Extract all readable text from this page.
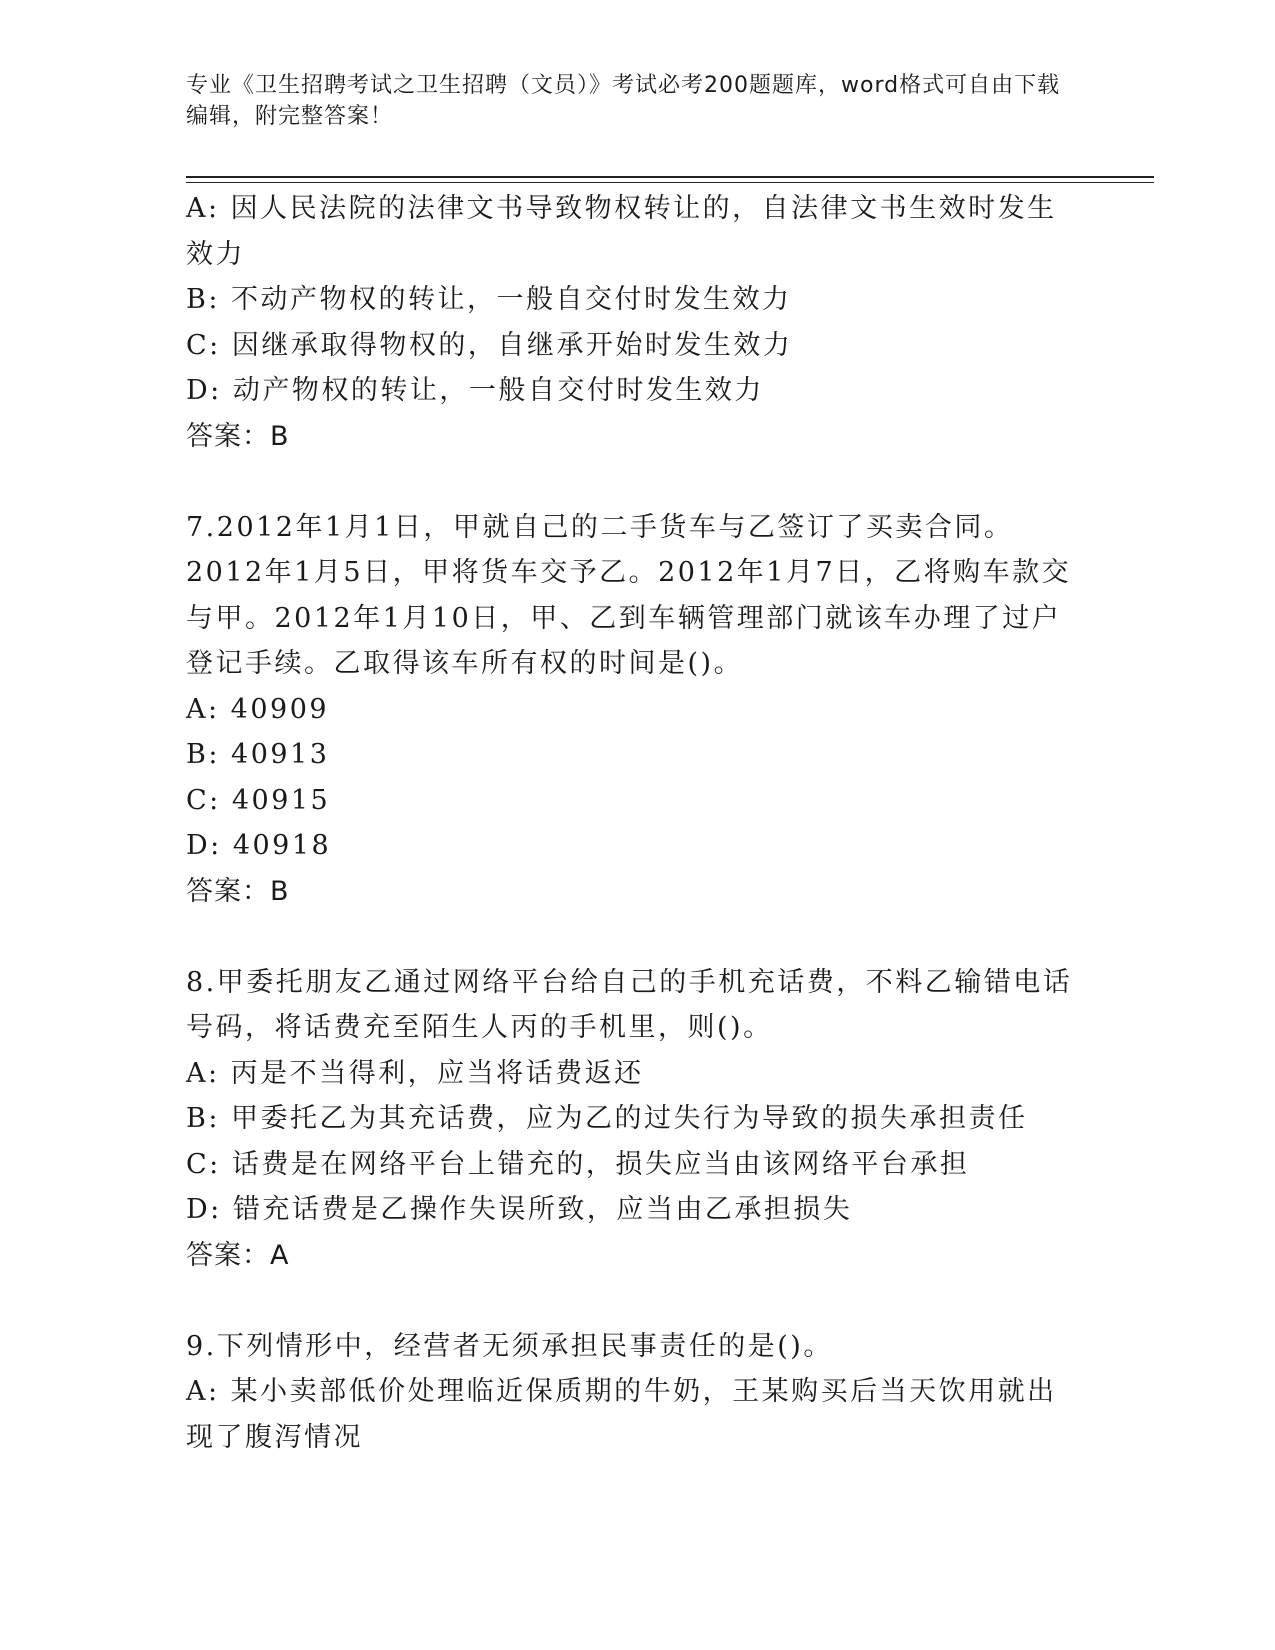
专业《卫生招聘考试之卫生招聘（文员）》考试必考200题题库，word格式可自由下载编辑，附完整答案！
A: 因人民法院的法律文书导致物权转让的，自法律文书生效时发生效力
B: 不动产物权的转让，一般自交付时发生效力
C: 因继承取得物权的，自继承开始时发生效力
D: 动产物权的转让，一般自交付时发生效力
答案：B
7.2012年1月1日，甲就自己的二手货车与乙签订了买卖合同。2012年1月5日，甲将货车交予乙。2012年1月7日，乙将购车款交与甲。2012年1月10日，甲、乙到车辆管理部门就该车办理了过户登记手续。乙取得该车所有权的时间是()。
A: 40909
B: 40913
C: 40915
D: 40918
答案：B
8.甲委托朋友乙通过网络平台给自己的手机充话费，不料乙输错电话号码，将话费充至陌生人丙的手机里，则()。
A: 丙是不当得利，应当将话费返还
B: 甲委托乙为其充话费，应为乙的过失行为导致的损失承担责任
C: 话费是在网络平台上错充的，损失应当由该网络平台承担
D: 错充话费是乙操作失误所致，应当由乙承担损失
答案：A
9.下列情形中，经营者无须承担民事责任的是()。
A: 某小卖部低价处理临近保质期的牛奶，王某购买后当天饮用就出现了腹泻情况
